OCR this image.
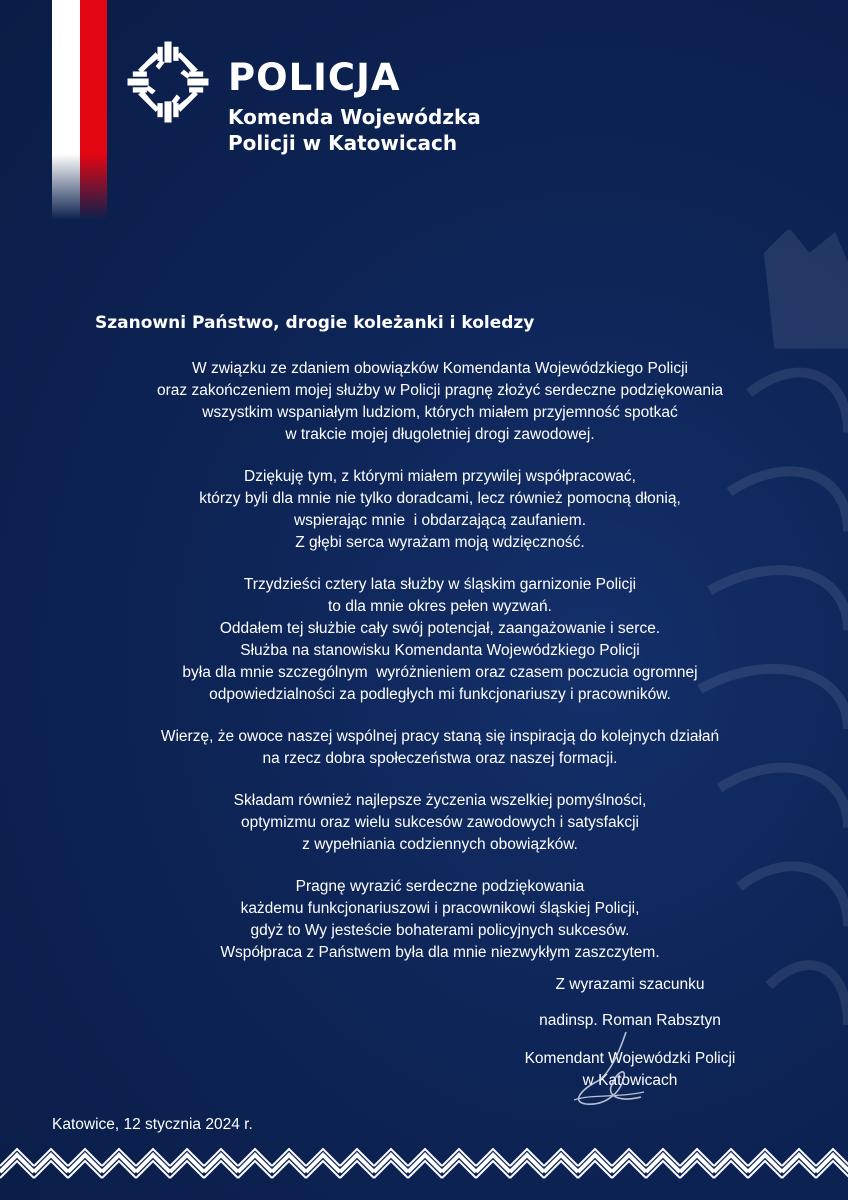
POLICJA
Komenda Wojewódzka
Policji w Katowicach
Szanowni Państwo, drogie koleżanki i koledzy
W związku ze zdaniem obowiązków Komendanta Wojewódzkiego Policji
oraz zakończeniem mojej służby w Policji pragnę złożyć serdeczne podziękowania
wszystkim wspaniałym ludziom, których miałem przyjemność spotkać
w trakcie mojej długoletniej drogi zawodowej.
Dziękuję tym, z którymi miałem przywilej współpracować,
którzy byli dla mnie nie tylko doradcami, lecz również pomocną dłonią,
wspierając mnie  i obdarzającą zaufaniem.
Z głębi serca wyrażam moją wdzięczność.
Trzydzieści cztery lata służby w śląskim garnizonie Policji
to dla mnie okres pełen wyzwań.
Oddałem tej służbie cały swój potencjał, zaangażowanie i serce.
Służba na stanowisku Komendanta Wojewódzkiego Policji
była dla mnie szczególnym  wyróżnieniem oraz czasem poczucia ogromnej
odpowiedzialności za podległych mi funkcjonariuszy i pracowników.
Wierzę, że owoce naszej wspólnej pracy staną się inspiracją do kolejnych działań
na rzecz dobra społeczeństwa oraz naszej formacji.
Składam również najlepsze życzenia wszelkiej pomyślności,
optymizmu oraz wielu sukcesów zawodowych i satysfakcji
z wypełniania codziennych obowiązków.
Pragnę wyrazić serdeczne podziękowania
każdemu funkcjonariuszowi i pracownikowi śląskiej Policji,
gdyż to Wy jesteście bohaterami policyjnych sukcesów.
Współpraca z Państwem była dla mnie niezwykłym zaszczytem.
Z wyrazami szacunku
nadinsp. Roman Rabsztyn
Komendant Wojewódzki Policji
w Katowicach
Katowice, 12 stycznia 2024 r.
